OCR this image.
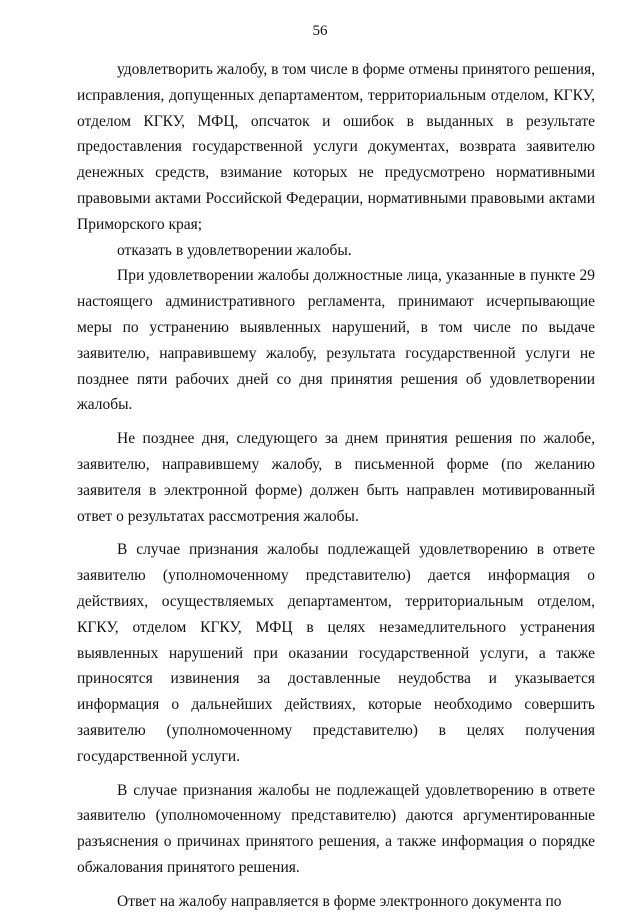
56

удовлетворить жалобу, в том числе в форме отмены принятого решения, исправления, допущенных департаментом, территориальным отделом, КГКУ, отделом КГКУ, МФЦ, опсчаток и ошибок в выданных в результате предоставления государственной услуги документах, возврата заявителю денежных средств, взимание которых не предусмотрено нормативными правовыми актами Российской Федерации, нормативными правовыми актами Приморского края;

отказать в удовлетворении жалобы.

При удовлетворении жалобы должностные лица, указанные в пункте 29 настоящего административного регламента, принимают исчерпывающие меры по устранению выявленных нарушений, в том числе по выдаче заявителю, направившему жалобу, результата государственной услуги не позднее пяти рабочих дней со дня принятия решения об удовлетворении жалобы.

Не позднее дня, следующего за днем принятия решения по жалобе, заявителю, направившему жалобу, в письменной форме (по желанию заявителя в электронной форме) должен быть направлен мотивированный ответ о результатах рассмотрения жалобы.

В случае признания жалобы подлежащей удовлетворению в ответе заявителю (уполномоченному представителю) дается информация о действиях, осуществляемых департаментом, территориальным отделом, КГКУ, отделом КГКУ, МФЦ в целях незамедлительного устранения выявленных нарушений при оказании государственной услуги, а также приносятся извинения за доставленные неудобства и указывается информация о дальнейших действиях, которые необходимо совершить заявителю (уполномоченному представителю) в целях получения государственной услуги.

В случае признания жалобы не подлежащей удовлетворению в ответе заявителю (уполномоченному представителю) даются аргументированные разъяснения о причинах принятого решения, а также информация о порядке обжалования принятого решения.

Ответ на жалобу направляется в форме электронного документа по
